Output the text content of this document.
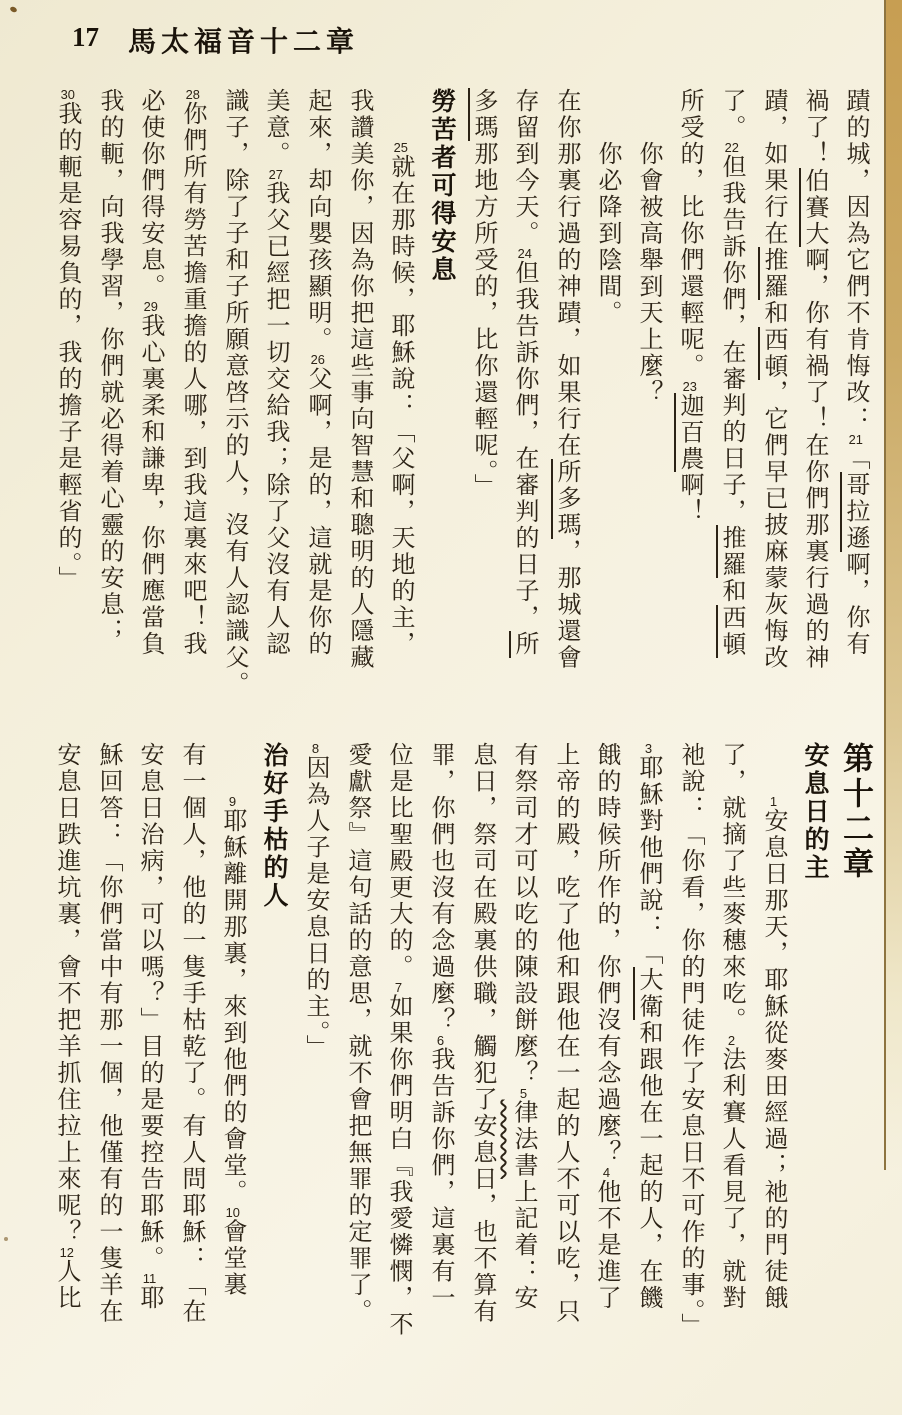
17 馬太福音十二章

蹟的城，因為它們不肯悔改：21「哥拉遜啊，你有

禍了！伯賽大啊，你有禍了！在你們那裏行過的神

蹟，如果行在推羅和西頓，它們早已披麻蒙灰悔改

了。22但我告訴你們，在審判的日子，推羅和西頓

所受的，比你們還輕呢。23迦百農啊！

　　你會被高舉到天上麼？

　　你必降到陰間。

在你那裏行過的神蹟，如果行在所多瑪，那城還會

存留到今天。24但我告訴你們，在審判的日子，所

多瑪那地方所受的，比你還輕呢。」

勞苦者可得安息

　　25就在那時候，耶穌說：「父啊，天地的主，

我讚美你，因為你把這些事向智慧和聰明的人隱藏

起來，却向嬰孩顯明。26父啊，是的，這就是你的

美意。27我父已經把一切交給我；除了父沒有人認

識子，除了子和子所願意啓示的人，沒有人認識父。

28你們所有勞苦擔重擔的人哪，到我這裏來吧！我

必使你們得安息。29我心裏柔和謙卑，你們應當負

我的軛，向我學習，你們就必得着心靈的安息；

30我的軛是容易負的，我的擔子是輕省的。」

第十二章

安息日的主

　　1安息日那天，耶穌從麥田經過；祂的門徒餓

了，就摘了些麥穗來吃。2法利賽人看見了，就對

祂說：「你看，你的門徒作了安息日不可作的事。」

3耶穌對他們說：「大衛和跟他在一起的人，在饑

餓的時候所作的，你們沒有念過麼？4他不是進了

上帝的殿，吃了他和跟他在一起的人不可以吃，只

有祭司才可以吃的陳設餅麼？5律法書上記着：安

息日，祭司在殿裏供職，觸犯了安息日，也不算有

罪，你們也沒有念過麼？6我告訴你們，這裏有一

位是比聖殿更大的。7如果你們明白『我愛憐憫，不

愛獻祭』這句話的意思，就不會把無罪的定罪了。

8因為人子是安息日的主。」

治好手枯的人

　　9耶穌離開那裏，來到他們的會堂。10會堂裏

有一個人，他的一隻手枯乾了。有人問耶穌：「在

安息日治病，可以嗎？」目的是要控告耶穌。11耶

穌回答：「你們當中有那一個，他僅有的一隻羊在

安息日跌進坑裏，會不把羊抓住拉上來呢？12人比
